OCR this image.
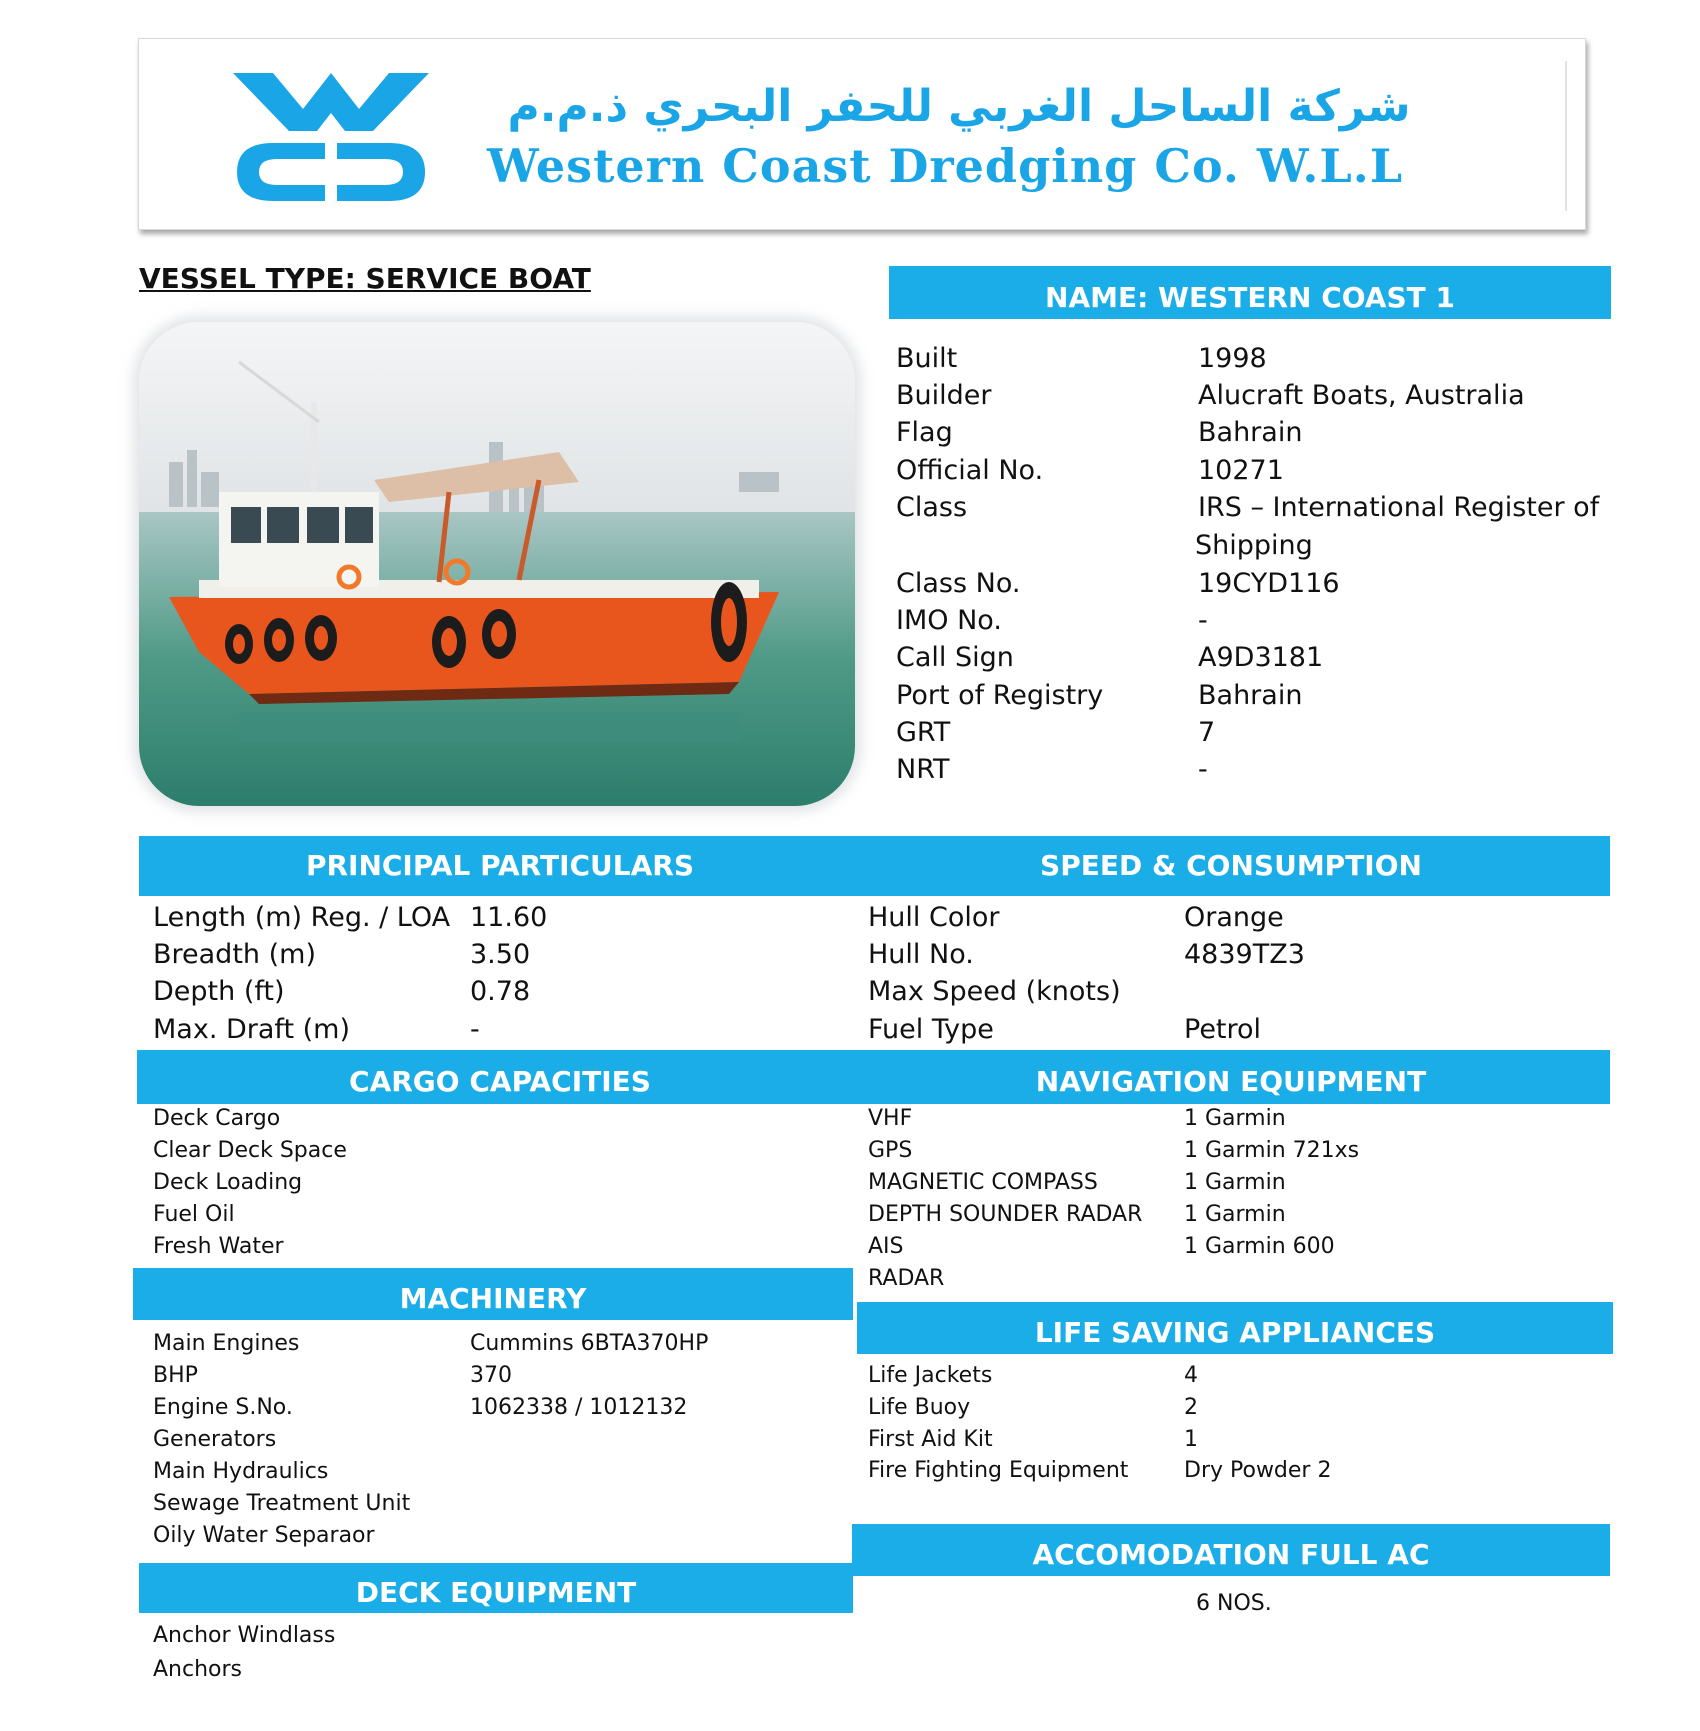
شركة الساحل الغربي للحفر البحري ذ.م.م
Western Coast Dredging Co. W.L.L
VESSEL TYPE: SERVICE BOAT
NAME: WESTERN COAST 1
Built	1998
Builder	Alucraft Boats, Australia
Flag	Bahrain
Official No.	10271
Class	IRS – International Register of
Shipping
Class No.	19CYD116
IMO No.	-
Call Sign	A9D3181
Port of Registry	Bahrain
GRT	7
NRT	-
PRINCIPAL PARTICULARS	SPEED & CONSUMPTION
Length (m) Reg. / LOA 11.60
Breadth (m)	3.50
Depth (ft)	0.78
Max. Draft (m)	-
Hull Color	Orange
Hull No.	4839TZ3
Max Speed (knots)
Fuel Type	Petrol
CARGO CAPACITIES	NAVIGATION EQUIPMENT
Deck Cargo
Clear Deck Space
Deck Loading
Fuel Oil
Fresh Water
VHF	1 Garmin
GPS	1 Garmin 721xs
MAGNETIC COMPASS	1 Garmin
DEPTH SOUNDER RADAR 1 Garmin
AIS	1 Garmin 600
RADAR
MACHINERY
Main Engines	Cummins 6BTA370HP
BHP	370
Engine S.No.	1062338 / 1012132
Generators
Main Hydraulics
Sewage Treatment Unit
Oily Water Separaor
LIFE SAVING APPLIANCES
Life Jackets	4
Life Buoy	2
First Aid Kit	1
Fire Fighting Equipment	Dry Powder 2
ACCOMODATION FULL AC
6 NOS.
DECK EQUIPMENT
Anchor Windlass
Anchors
